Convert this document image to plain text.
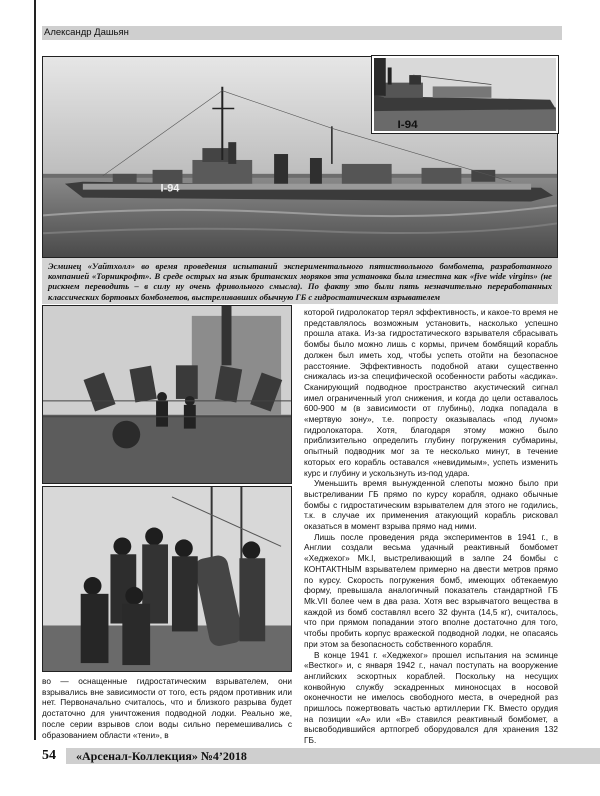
Александр Дашьян
I-94
I-94

Эсминец «Уайтхолл» во время проведения испытаний экспериментального пятиствольного бомбомета, разработанного компанией «Торникрофт». В среде острых на язык британских моряков эта установка была известна как «five wide virgins» (не рискнем переводить – в силу ну очень фривольного смысла). По факту это были пять незначительно переработанных классических бортовых бомбометов, выстреливавших обычную ГБ с гидростатическим взрывателем

во — оснащенные гидростатическим взрывателем, они взрывались вне зависимости от того, есть рядом противник или нет. Первоначально считалось, что и близкого разрыва будет достаточно для уничтожения подводной лодки. Реально же, после серии взрывов слои воды сильно перемешивались с образованием области «тени», в

которой гидролокатор терял эффективность, и какое-то время не представлялось возможным установить, насколько успешно прошла атака. Из-за гидростатического взрывателя сбрасывать бомбы было можно лишь с кормы, причем бомбящий корабль должен был иметь ход, чтобы успеть отойти на безопасное расстояние. Эффективность подобной атаки существенно снижалась из-за специфической особенности работы «асдика». Сканирующий подводное пространство акустический сигнал имел ограниченный угол снижения, и когда до цели оставалось 600-900 м (в зависимости от глубины), лодка попадала в «мертвую зону», т.е. попросту оказывалась «под лучом» гидролокатора. Хотя, благодаря этому можно было приблизительно определить глубину погружения субмарины, опытный подводник мог за те несколько минут, в течение которых его корабль оставался «невидимым», успеть изменить курс и глубину и ускользнуть из-под удара.

Уменьшить время вынужденной слепоты можно было при выстреливании ГБ прямо по курсу корабля, однако обычные бомбы с гидростатическим взрывателем для этого не годились, т.к. в случае их применения атакующий корабль рисковал оказаться в момент взрыва прямо над ними.

Лишь после проведения ряда экспериментов в 1941 г., в Англии создали весьма удачный реактивный бомбомет «Хеджехог» Mk.I, выстреливающий в залпе 24 бомбы с КОНТАКТНЫМ взрывателем примерно на двести метров прямо по курсу. Скорость погружения бомб, имеющих обтекаемую форму, превышала аналогичный показатель стандартной ГБ Mk.VII более чем в два раза. Хотя вес взрывчатого вещества в каждой из бомб составлял всего 32 фунта (14,5 кг), считалось, что при прямом попадании этого вполне достаточно для того, чтобы пробить корпус вражеской подводной лодки, не опасаясь при этом за безопасность собственного корабля.

В конце 1941 г. «Хеджехог» прошел испытания на эсминце «Вестког» и, с января 1942 г., начал поступать на вооружение английских эскортных кораблей. Поскольку на несущих конвойную службу эскадренных миноносцах в носовой оконечности не имелось свободного места, в очередной раз пришлось пожертвовать частью артиллерии ГК. Вместо орудия на позиции «А» или «В» ставился реактивный бомбомет, а высвободившийся артпогреб оборудовался для хранения 132 ГБ.

54 «Арсенал-Коллекция» №4’2018
